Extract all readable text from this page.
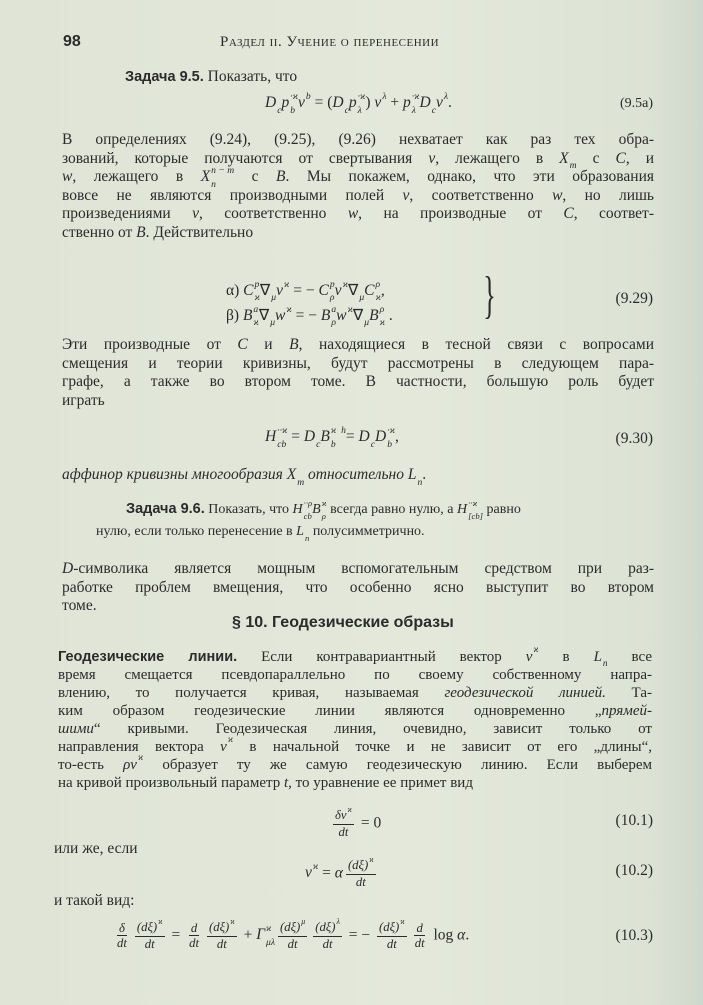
98	Раздел ii. Учение о перенесении
Задача 9.5. Показать, что
D
c p ·ϰ
b v b
= (D
c p ·ϰ
λ ) v λ
+ p ·ϰ
λ D
c v λ
.	(9.5a)
В определениях (9.24), (9.25), (9.26) нехватает как раз тех обра-
зований, которые получаются от свертывания v, лежащего в X
m с C, и
w, лежащего в X n − m
n	с B. Мы покажем, однако, что эти образования
вовсе не являются производными полей v, соответственно w, но лишь
произведениями v, соответственно w, на производные от C, соответ-
ственно от B. Действительно
α) C p
ϰ ∇
μ v ϰ
= − C p
ρ v ϰ
∇
μ C ρ
ϰ ,
β) B a
ϰ ∇
μ w ϰ
= − B a
ρ w ϰ
∇
μ B ρ
ϰ . }	(9.29)
Эти производные от C и B, находящиеся в тесной связи с вопросами
смещения и теории кривизны, будут рассмотрены в следующем пара-
графе, а также во втором томе. В частности, большую роль будет
играть
H ··ϰ
cb = D
c B ϰ
b

h
= D
c D ·ϰ
b ,	(9.30)
аффинор кривизны многообразия X
m относительно L
n .
Задача 9.6. Показать, что H ··ρ
cb B ϰ
ρ всегда равно нулю, а H ··ϰ
[cb] равно
нулю, если только перенесение в L
n полусимметрично.
D-символика является мощным вспомогательным средством при раз-
работке проблем вмещения, что особенно ясно выступит во втором
томе.
§ 10. Геодезические образы
Геодезические линии. Если контравариантный вектор v ϰ
в L
n все
время смещается псевдопараллельно по своему собственному напра-
влению, то получается кривая, называемая геодезической линией. Та-
ким образом геодезические линии являются одновременно „прямей-
шими“ кривыми. Геодезическая линия, очевидно, зависит только от
направления вектора v ϰ
в начальной точке и не зависит от его „длины“,
то-есть ρv ϰ
образует ту же самую геодезическую линию. Если выберем
на кривой произвольный параметр t, то уравнение ее примет вид
$\frac{\text{δv ϰ}}{dt} = 0$	(10.1)
или же, если
v ϰ
= α $\frac{(d\xi) ϰ}{dt}$	(10.2)
и такой вид:
$\frac{\delta}{dt} \frac{(d\xi) ϰ}{dt} = \frac{d}{dt} \frac{(d\xi) ϰ}{dt} + \Gamma$ ϰ
μλ $\frac{(d\xi) \mu}{dt} \frac{(d\xi) \lambda}{dt}$ = − $\frac{(d\xi) ϰ}{dt} \frac{d}{dt}$ log α.	(10.3)
